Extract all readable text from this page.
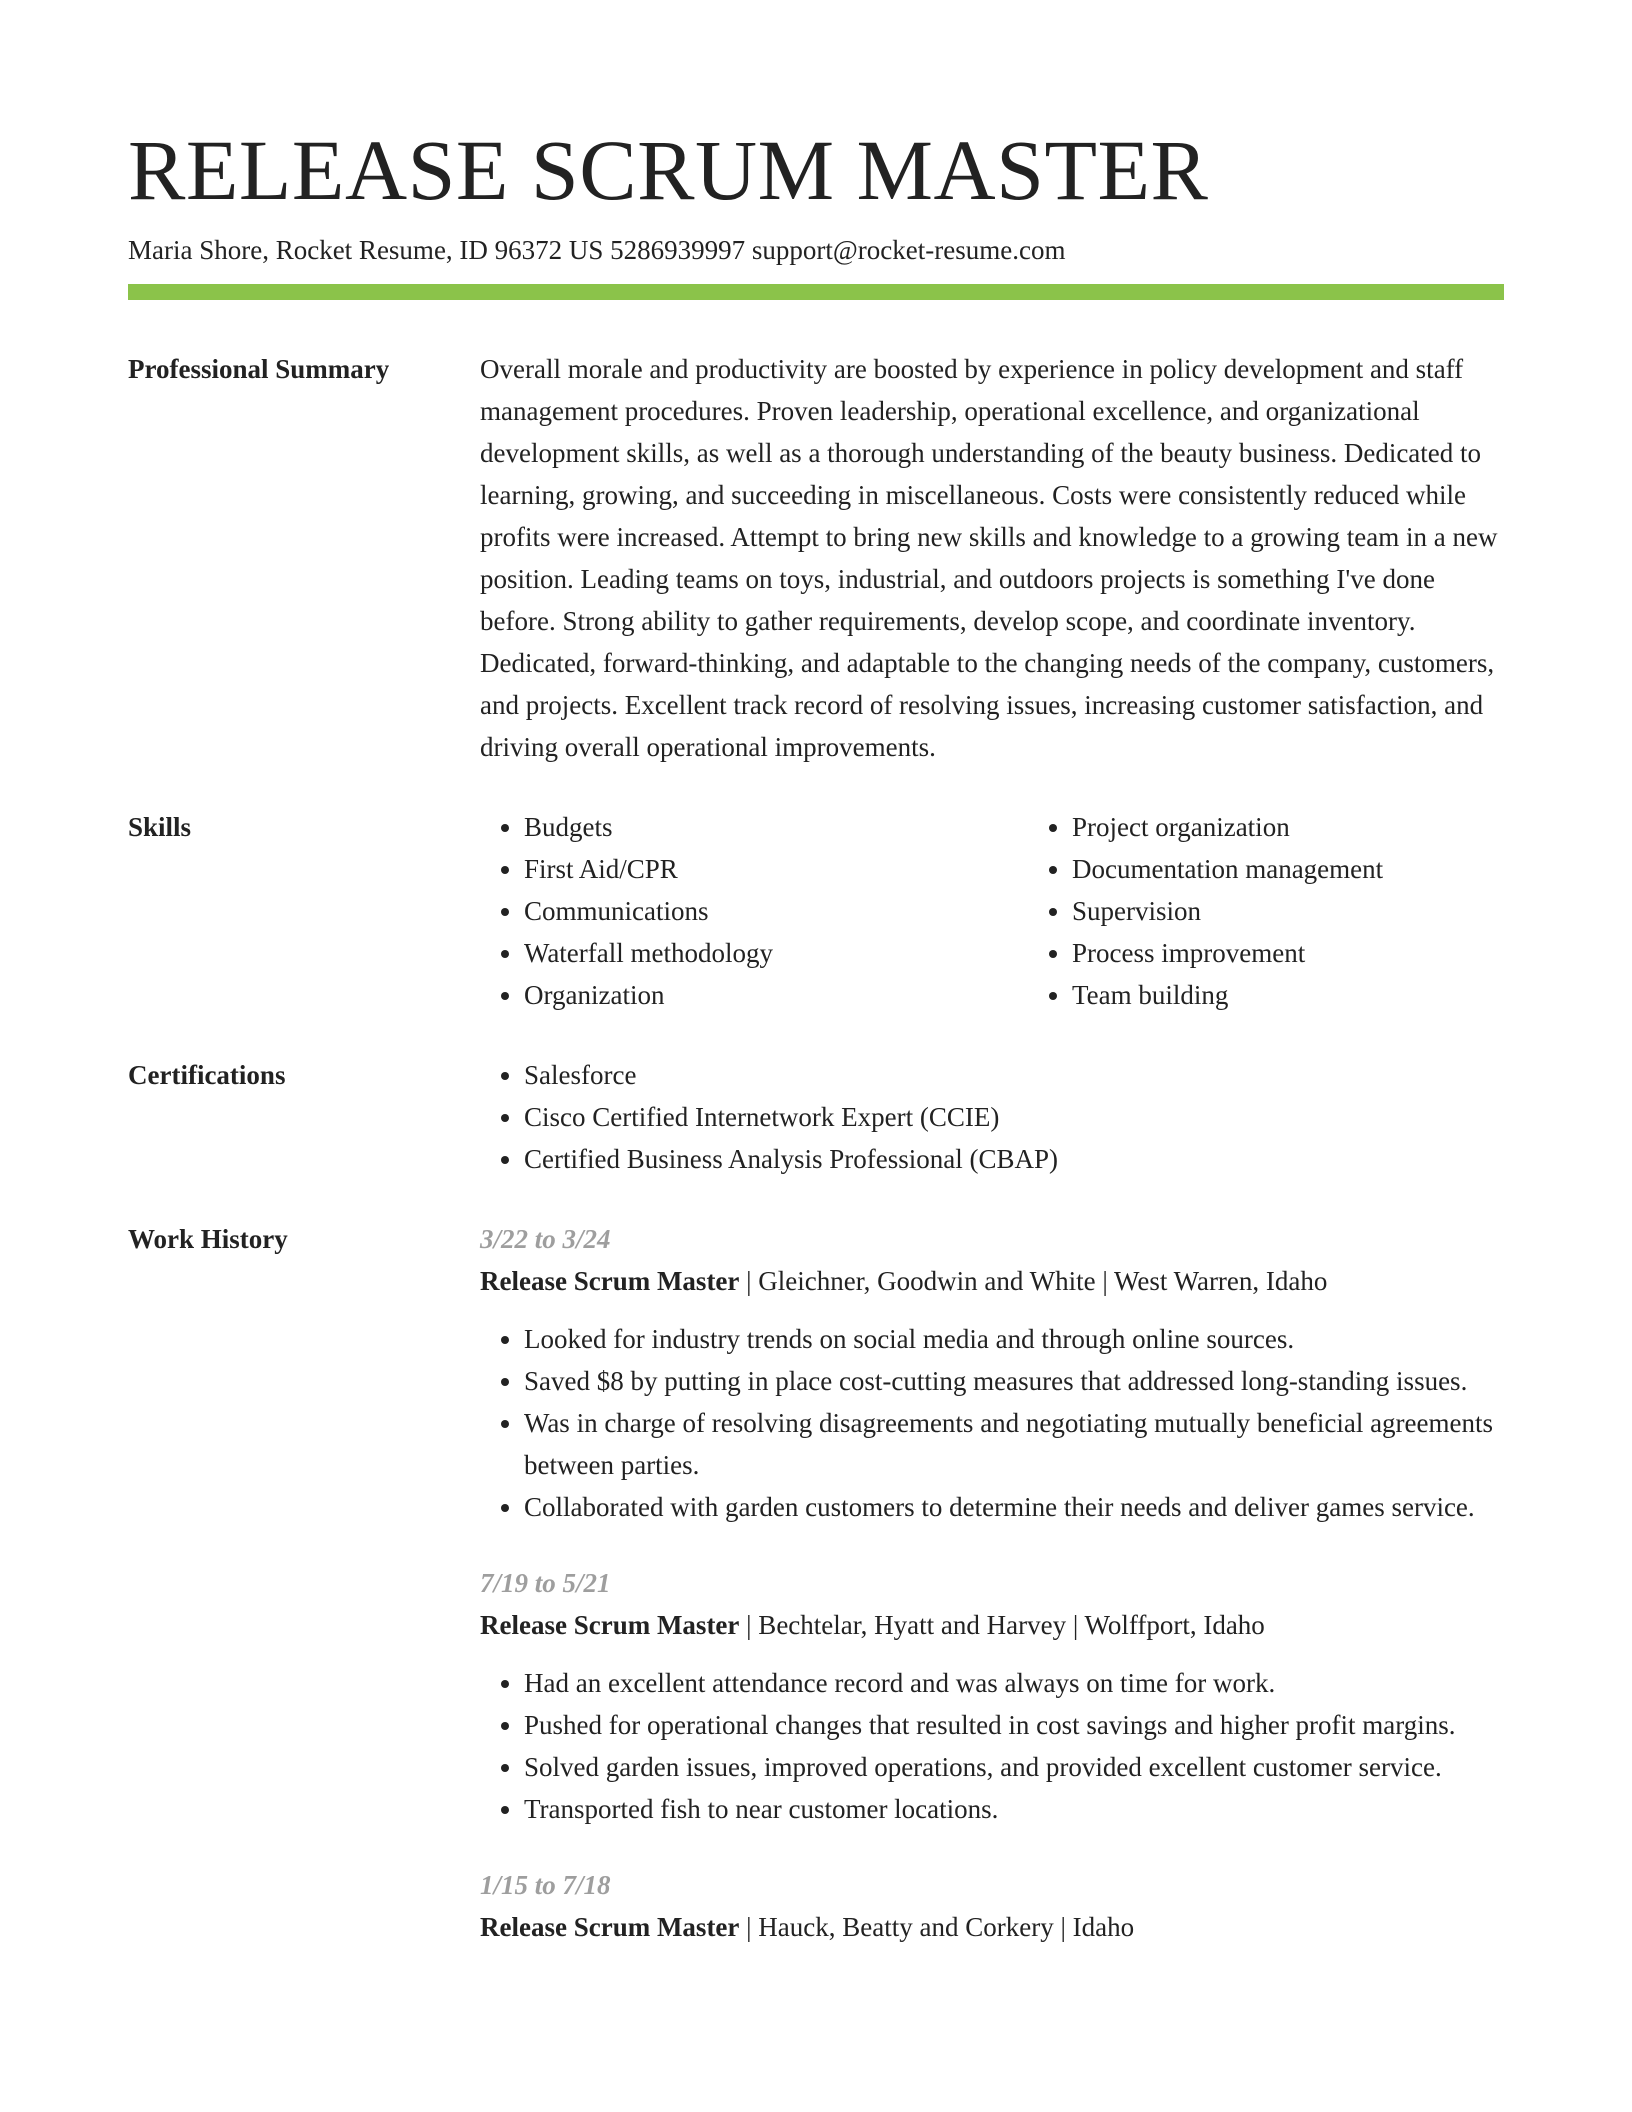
RELEASE SCRUM MASTER
Maria Shore, Rocket Resume, ID 96372 US 5286939997 support@rocket-resume.com
Professional Summary	Overall morale and productivity are boosted by experience in policy development and staff management procedures. Proven leadership, operational excellence, and organizational development skills, as well as a thorough understanding of the beauty business. Dedicated to learning, growing, and succeeding in miscellaneous. Costs were consistently reduced while profits were increased. Attempt to bring new skills and knowledge to a growing team in a new position. Leading teams on toys, industrial, and outdoors projects is something I've done before. Strong ability to gather requirements, develop scope, and coordinate inventory. Dedicated, forward-thinking, and adaptable to the changing needs of the company, customers, and projects. Excellent track record of resolving issues, increasing customer satisfaction, and driving overall operational improvements.

Skills	• Budgets
• First Aid/CPR
• Communications
• Waterfall methodology
• Organization
• Project organization
• Documentation management
• Supervision
• Process improvement
• Team building
Certifications	• Salesforce
• Cisco Certified Internetwork Expert (CCIE)
• Certified Business Analysis Professional (CBAP)
Work History	3/22 to 3/24
Release Scrum Master | Gleichner, Goodwin and White | West Warren, Idaho
• Looked for industry trends on social media and through online sources.
• Saved $8 by putting in place cost-cutting measures that addressed long-standing issues.
• Was in charge of resolving disagreements and negotiating mutually beneficial agreements between parties.
• Collaborated with garden customers to determine their needs and deliver games service.
7/19 to 5/21
Release Scrum Master | Bechtelar, Hyatt and Harvey | Wolffport, Idaho
• Had an excellent attendance record and was always on time for work.
• Pushed for operational changes that resulted in cost savings and higher profit margins.
• Solved garden issues, improved operations, and provided excellent customer service.
• Transported fish to near customer locations.
1/15 to 7/18
Release Scrum Master | Hauck, Beatty and Corkery | Idaho
